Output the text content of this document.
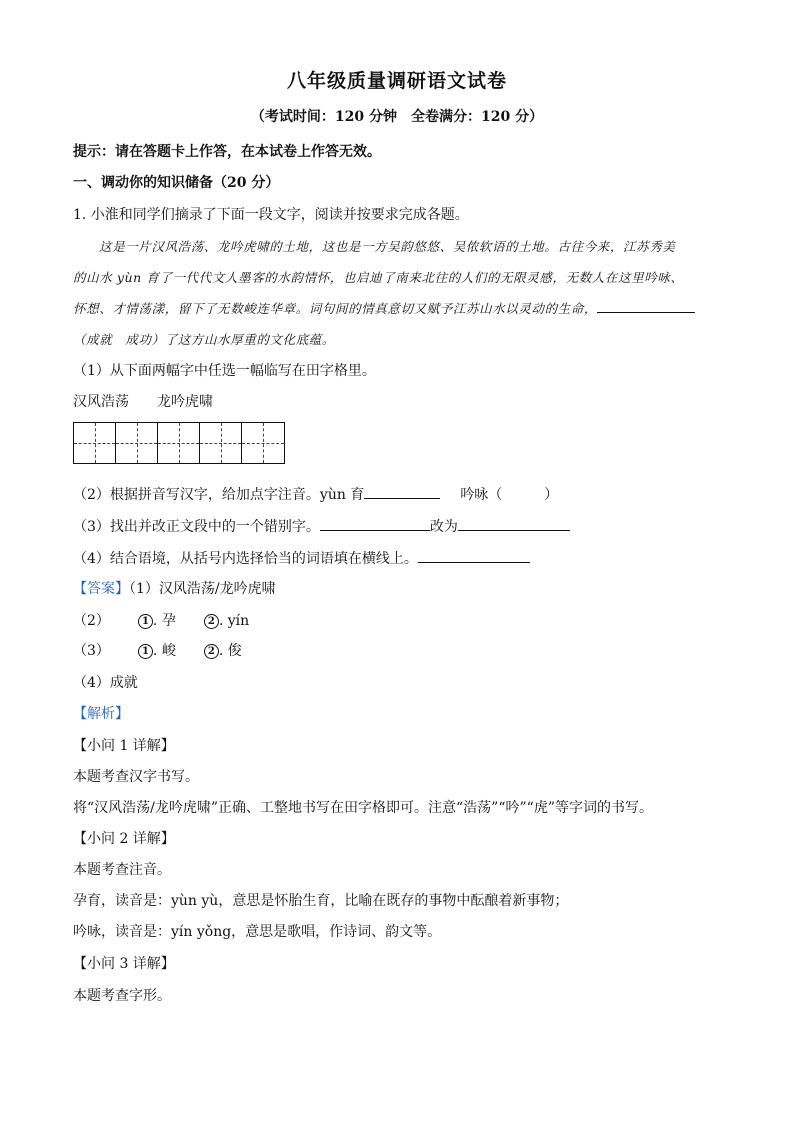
八年级质量调研语文试卷
（考试时间：120 分钟　全卷满分：120 分）
提示：请在答题卡上作答，在本试卷上作答无效。
一、调动你的知识储备（20 分）
1. 小淮和同学们摘录了下面一段文字，阅读并按要求完成各题。
这是一片汉风浩荡、龙吟虎啸的土地，这也是一方吴韵悠悠、吴侬软语的土地。古往今来，江苏秀美
的山水 yùn 育了一代代文人墨客的水韵情怀，也启迪了南来北往的人们的无限灵感，无数人在这里吟咏、
怀想、才情荡漾，留下了无数峻连华章。词句间的情真意切又赋予江苏山水以灵动的生命，
（成就　成功）了这方山水厚重的文化底蕴。
（1）从下面两幅字中任选一幅临写在田字格里。
汉风浩荡　　龙吟虎啸
（2）根据拼音写汉字，给加点字注音。yùn 育	吟咏（　　　）
（3）找出并改正文段中的一个错别字。	改为
（4）结合语境，从括号内选择恰当的词语填在横线上。
【答案】（1）汉风浩荡/龙吟虎啸
（2）	1 . 孕	2 . yín
（3）	1 . 峻	2 . 俊
（4）成就
【解析】
【小问 1 详解】
本题考查汉字书写。
将“汉风浩荡/龙吟虎啸”正确、工整地书写在田字格即可。注意“浩荡”“吟”“虎”等字词的书写。
【小问 2 详解】
本题考查注音。
孕育，读音是：yùn yù，意思是怀胎生育，比喻在既存的事物中酝酿着新事物；
吟咏，读音是：yín yǒng，意思是歌唱，作诗词、韵文等。
【小问 3 详解】
本题考查字形。
